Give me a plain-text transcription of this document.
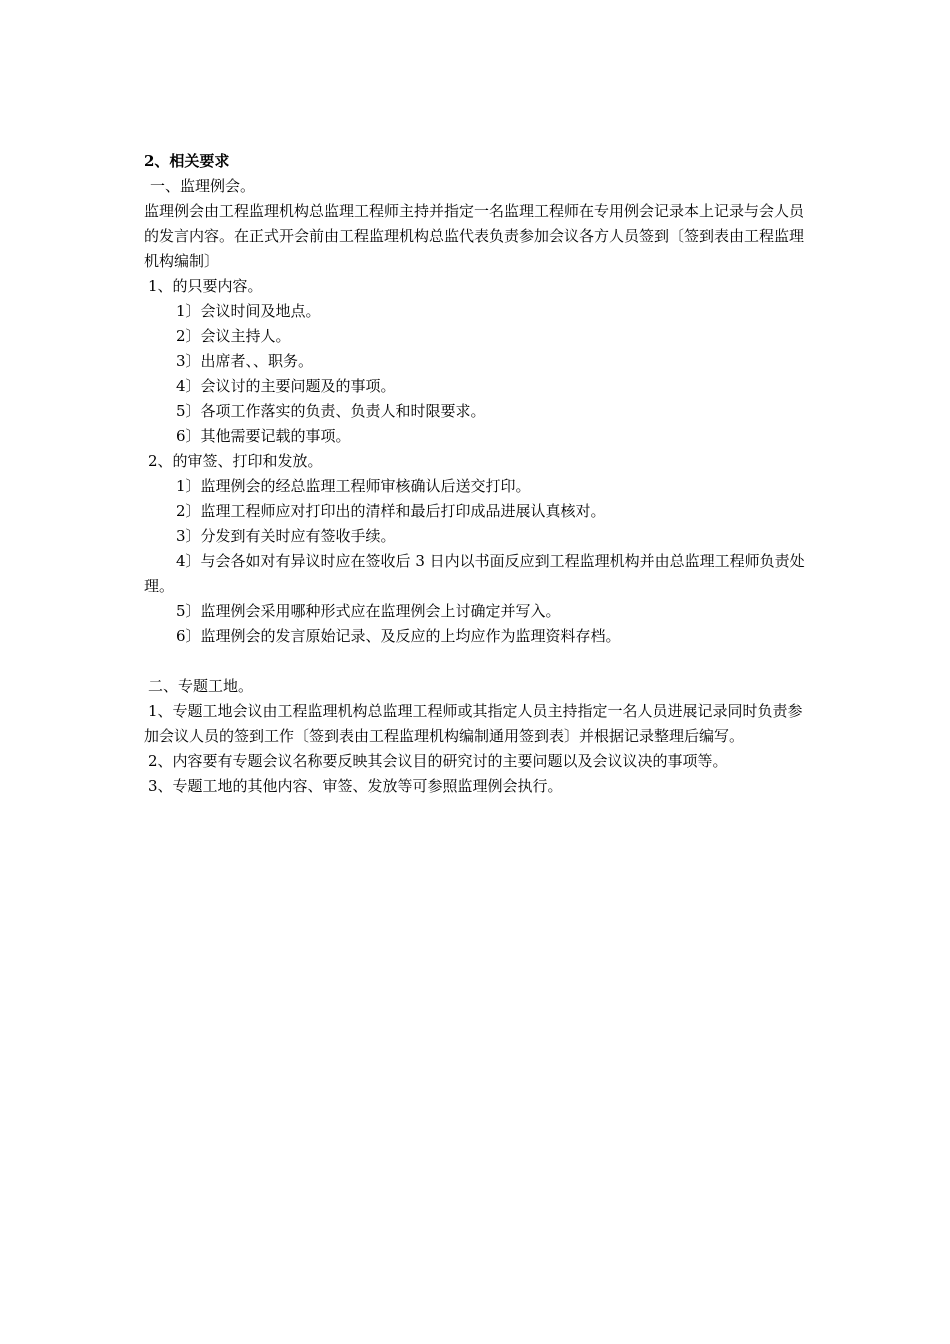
2、相关要求

一、监理例会。

监理例会由工程监理机构总监理工程师主持并指定一名监理工程师在专用例会记录本上记录与会人员的发言内容。在正式开会前由工程监理机构总监代表负责参加会议各方人员签到〔签到表由工程监理机构编制〕

1、的只要内容。

1〕会议时间及地点。

2〕会议主持人。

3〕出席者、、职务。

4〕会议讨的主要问题及的事项。

5〕各项工作落实的负责、负责人和时限要求。

6〕其他需要记载的事项。

2、的审签、打印和发放。

1〕监理例会的经总监理工程师审核确认后送交打印。

2〕监理工程师应对打印出的清样和最后打印成品进展认真核对。

3〕分发到有关时应有签收手续。

4〕与会各如对有异议时应在签收后 3 日内以书面反应到工程监理机构并由总监理工程师负责处理。

5〕监理例会采用哪种形式应在监理例会上讨确定并写入。

6〕监理例会的发言原始记录、及反应的上均应作为监理资料存档。

二、专题工地。

1、专题工地会议由工程监理机构总监理工程师或其指定人员主持指定一名人员进展记录同时负责参加会议人员的签到工作〔签到表由工程监理机构编制通用签到表〕并根据记录整理后编写。

2、内容要有专题会议名称要反映其会议目的研究讨的主要问题以及会议议决的事项等。

3、专题工地的其他内容、审签、发放等可参照监理例会执行。
